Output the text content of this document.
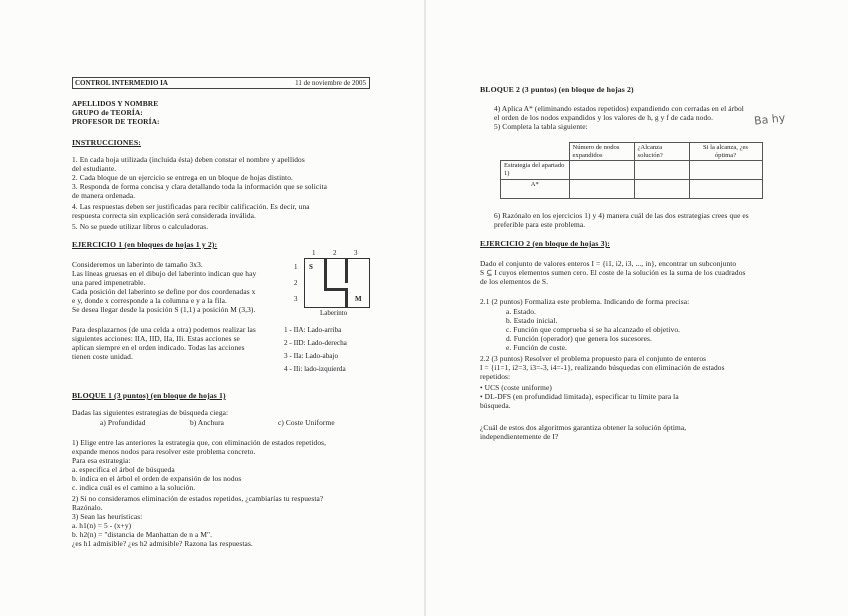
CONTROL INTERMEDIO IA	11 de noviembre de 2005

APELLIDOS Y NOMBRE

GRUPO de TEORÍA:

PROFESOR DE TEORÍA:

INSTRUCCIONES:

1. En cada hoja utilizada (incluida ésta) deben constar el nombre y apellidos

del estudiante.

2. Cada bloque de un ejercicio se entrega en un bloque de hojas distinto.

3. Responda de forma concisa y clara detallando toda la información que se solicita

de manera ordenada.

4. Las respuestas deben ser justificadas para recibir calificación. Es decir, una

respuesta correcta sin explicación será considerada inválida.

5. No se puede utilizar libros o calculadoras.

EJERCICIO 1 (en bloques de hojas 1 y 2):

Consideremos un laberinto de tamaño 3x3.

Las líneas gruesas en el dibujo del laberinto indican que hay

una pared impenetrable.

Cada posición del laberinto se define por dos coordenadas x

e y, donde x corresponde a la columna e y a la fila.

Se desea llegar desde la posición S (1,1) a posición M (3,3).

Para desplazarnos (de una celda a otra) podemos realizar las

siguientes acciones: IIA, IID, IIa, IIi. Estas acciones se

aplican siempre en el orden indicado. Todas las acciones

tienen coste unidad.

BLOQUE 1 (3 puntos) (en bloque de hojas 1)

Dadas las siguientes estrategias de búsqueda ciega:

a) Profundidad	b) Anchura	c) Coste Uniforme

1) Elige entre las anteriores la estrategia que, con eliminación de estados repetidos,

expande menos nodos para resolver este problema concreto.

Para esa estrategia:

a. especifica el árbol de búsqueda

b. indica en el árbol el orden de expansión de los nodos

c. indica cuál es el camino a la solución.

2) Si no consideramos eliminación de estados repetidos, ¿cambiarías tu respuesta?

Razónalo.

3) Sean las heurísticas:

a. h1(n) = 5 - (x+y)

b. h2(n) = "distancia de Manhattan de n a M".

¿es h1 admisible? ¿es h2 admisible? Razona las respuestas.

1	2	3
1
2
3
S
M
Laberinto
1 - IIA: Lado-arriba
2 - IID: Lado-derecha
3 - IIa: Lado-abajo
4 - IIi: lado-izquierda

BLOQUE 2 (3 puntos) (en bloque de hojas 2)

4) Aplica A* (eliminando estados repetidos) expandiendo con cerradas en el árbol

el orden de los nodos expandidos y los valores de h, g y f de cada nodo.

5) Completa la tabla siguiente:

6) Razónalo en los ejercicios 1) y 4) manera cuál de las dos estrategias crees que es

preferible para este problema.

EJERCICIO 2 (en bloque de hojas 3):

Dado el conjunto de valores enteros I = {i1, i2, i3, ..., in}, encontrar un subconjunto

S ⊆ I cuyos elementos sumen cero. El coste de la solución es la suma de los cuadrados

de los elementos de S.

2.1 (2 puntos) Formaliza este problema. Indicando de forma precisa:

a. Estado.

b. Estado inicial.

c. Función que comprueba si se ha alcanzado el objetivo.

d. Función (operador) que genera los sucesores.

e. Función de coste.

2.2 (3 puntos) Resolver el problema propuesto para el conjunto de enteros

I = {i1=1, i2=3, i3=-3, i4=-1}, realizando búsquedas con eliminación de estados

repetidos:

• UCS (coste uniforme)

• DL-DFS (en profundidad limitada), especificar tu límite para la

búsqueda.

¿Cuál de estos dos algoritmos garantiza obtener la solución óptima,

independientemente de I?

	Número de nodos expandidos	¿Alcanza solución?	Si la alcanza, ¿es óptima?
Estrategia del apartado 1)			
A*			
Ba hy
